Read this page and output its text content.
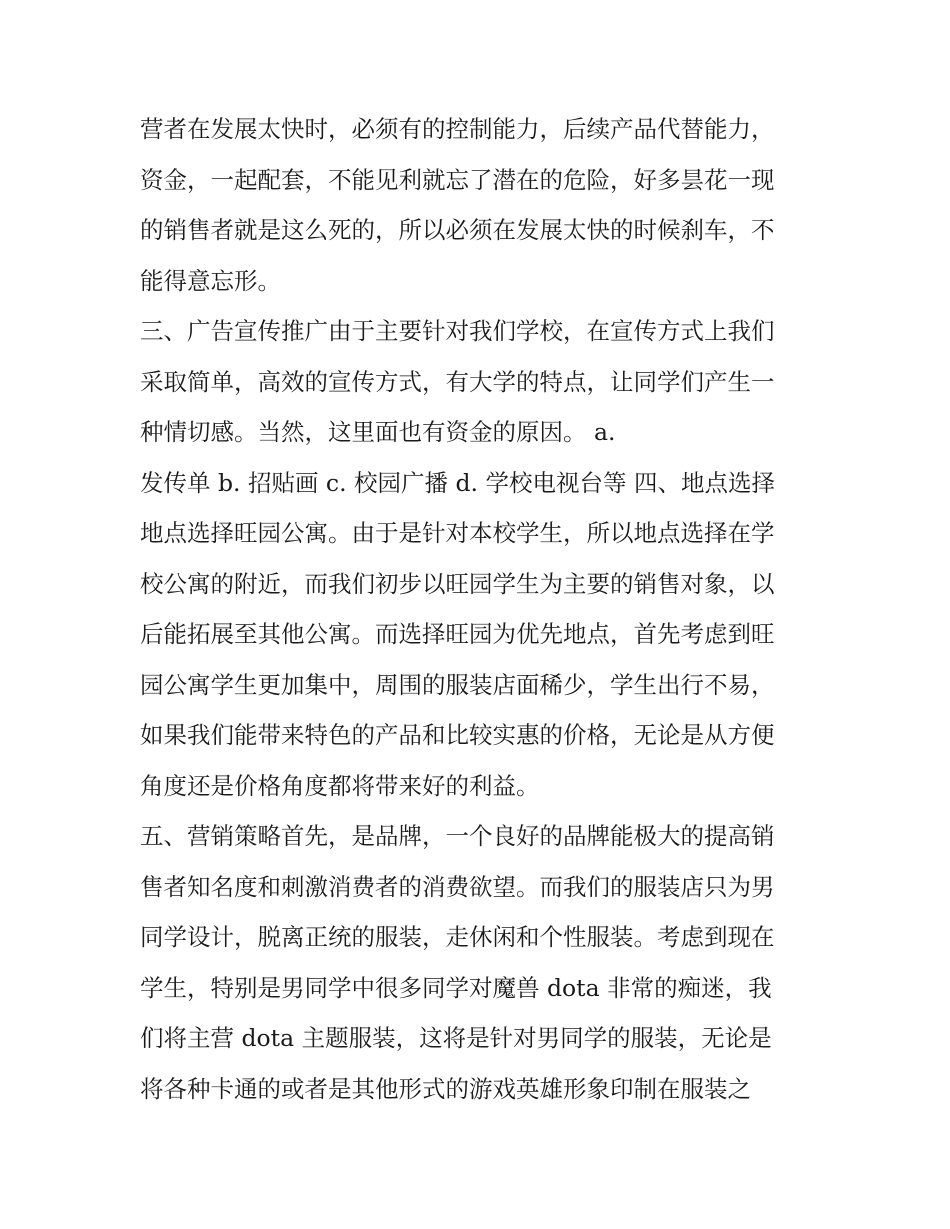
营者在发展太快时，必须有的控制能力，后续产品代替能力，
资金，一起配套，不能见利就忘了潜在的危险，好多昙花一现
的销售者就是这么死的，所以必须在发展太快的时候刹车，不
能得意忘形。
三、广告宣传推广由于主要针对我们学校，在宣传方式上我们
采取简单，高效的宣传方式，有大学的特点，让同学们产生一
种情切感。当然，这里面也有资金的原因。 a.
发传单 b. 招贴画 c. 校园广播 d. 学校电视台等 四、地点选择
地点选择旺园公寓。由于是针对本校学生，所以地点选择在学
校公寓的附近，而我们初步以旺园学生为主要的销售对象，以
后能拓展至其他公寓。而选择旺园为优先地点，首先考虑到旺
园公寓学生更加集中，周围的服装店面稀少，学生出行不易，
如果我们能带来特色的产品和比较实惠的价格，无论是从方便
角度还是价格角度都将带来好的利益。
五、营销策略首先，是品牌，一个良好的品牌能极大的提高销
售者知名度和刺激消费者的消费欲望。而我们的服装店只为男
同学设计，脱离正统的服装，走休闲和个性服装。考虑到现在
学生，特别是男同学中很多同学对魔兽 dota 非常的痴迷，我
们将主营 dota 主题服装，这将是针对男同学的服装，无论是
将各种卡通的或者是其他形式的游戏英雄形象印制在服装之
